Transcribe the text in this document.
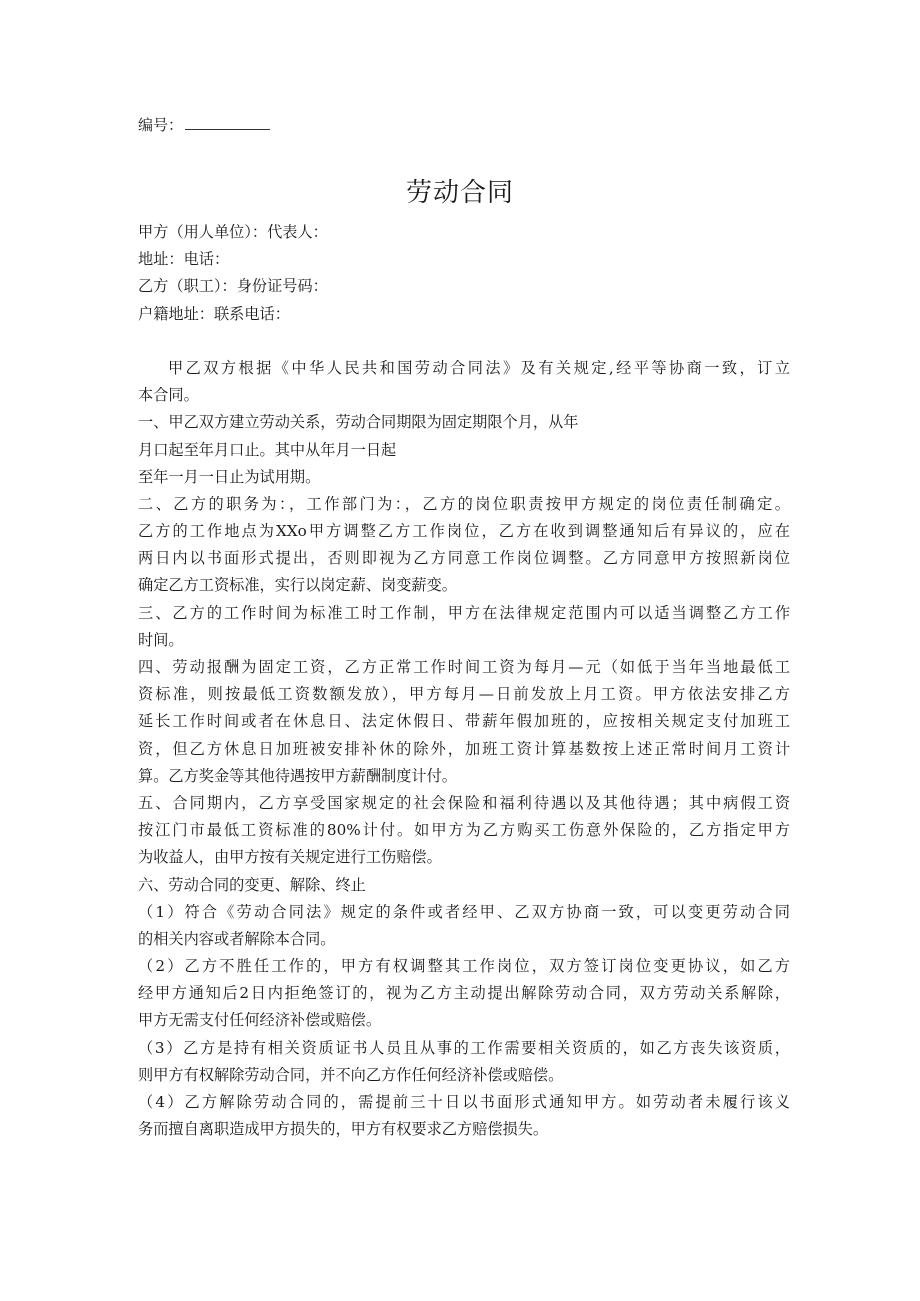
编号：
劳动合同
甲方（用人单位）：代表人：
地址：电话：
乙方（职工）：身份证号码：
户籍地址：联系电话：
甲乙双方根据《中华人民共和国劳动合同法》及有关规定,经平等协商一致，订立
本合同。
一、甲乙双方建立劳动关系，劳动合同期限为固定期限个月，从年
月口起至年月口止。其中从年月一日起
至年一月一日止为试用期。
二、乙方的职务为：，工作部门为：，乙方的岗位职责按甲方规定的岗位责任制确定。
乙方的工作地点为XXo甲方调整乙方工作岗位，乙方在收到调整通知后有异议的，应在
两日内以书面形式提出，否则即视为乙方同意工作岗位调整。乙方同意甲方按照新岗位
确定乙方工资标准，实行以岗定薪、岗变薪变。
三、乙方的工作时间为标准工时工作制，甲方在法律规定范围内可以适当调整乙方工作
时间。
四、劳动报酬为固定工资，乙方正常工作时间工资为每月—元（如低于当年当地最低工
资标准，则按最低工资数额发放），甲方每月—日前发放上月工资。甲方依法安排乙方
延长工作时间或者在休息日、法定休假日、带薪年假加班的，应按相关规定支付加班工
资，但乙方休息日加班被安排补休的除外，加班工资计算基数按上述正常时间月工资计
算。乙方奖金等其他待遇按甲方薪酬制度计付。
五、合同期内，乙方享受国家规定的社会保险和福利待遇以及其他待遇；其中病假工资
按江门市最低工资标准的80%计付。如甲方为乙方购买工伤意外保险的，乙方指定甲方
为收益人，由甲方按有关规定进行工伤赔偿。
六、劳动合同的变更、解除、终止
（1）符合《劳动合同法》规定的条件或者经甲、乙双方协商一致，可以变更劳动合同
的相关内容或者解除本合同。
（2）乙方不胜任工作的，甲方有权调整其工作岗位，双方签订岗位变更协议，如乙方
经甲方通知后2日内拒绝签订的，视为乙方主动提出解除劳动合同，双方劳动关系解除，
甲方无需支付任何经济补偿或赔偿。
（3）乙方是持有相关资质证书人员且从事的工作需要相关资质的，如乙方丧失该资质，
则甲方有权解除劳动合同，并不向乙方作任何经济补偿或赔偿。
（4）乙方解除劳动合同的，需提前三十日以书面形式通知甲方。如劳动者未履行该义
务而擅自离职造成甲方损失的，甲方有权要求乙方赔偿损失。
